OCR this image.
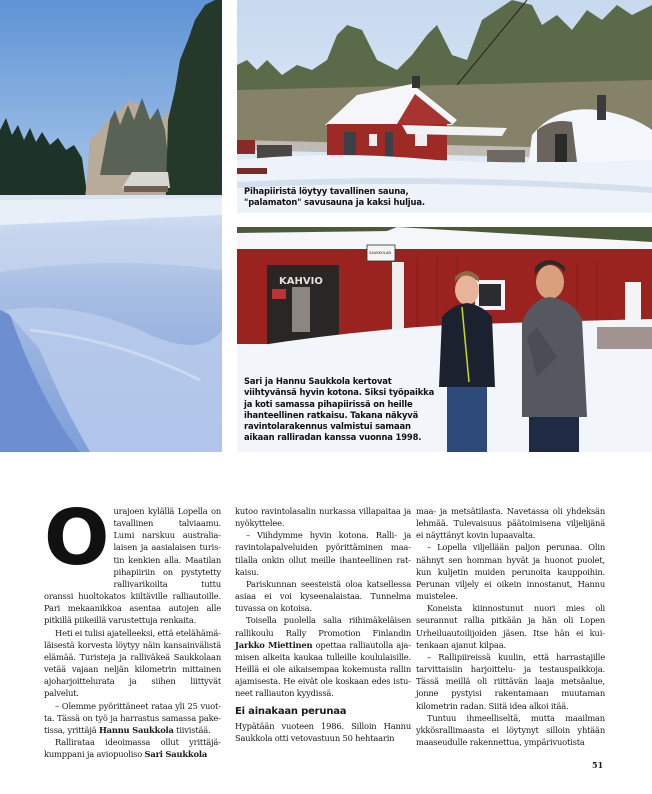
Pihapiiristä löytyy tavallinen sauna,

"palamaton" savusauna ja kaksi huljua.

KAHVIO
SAUKKOLAN

Sari ja Hannu Saukkola kertovat

viihtyvänsä hyvin kotona. Siksi työpaikka

ja koti samassa pihapiirissä on heille

ihanteellinen ratkaisu. Takana näkyvä

ravintolarakennus valmistui samaan

aikaan ralliradan kanssa vuonna 1998.

O urajoen kylällä Lopella on tavallinen talviaamu. Lumi narskuu australialaisen ja aasialaisen turistin kenkien alla. Maatilan pihapiiriin on pystytetty rallivarikoilta tuttu oranssi huoltokatos kiiltäville ralliautoille. Pari mekaanikkoa asentaa autojen alle pitkillä piikeillä varustettuja renkaita.

Heti ei tulisi ajatelleeksi, että etelähämäläisestä korvesta löytyy näin kansainvälistä elämää. Turisteja ja ralliväkeä Saukkolaan vetää vajaan neljän kilometrin mittainen ajoharjoittelurata ja siihen liittyvät palvelut.

– Olemme pyörittäneet rataa yli 25 vuotta. Tässä on työ ja harrastus samassa paketissa, yrittäjä Hannu Saukkola tiivistää.

Rallirataa ideoimassa ollut yrittäjäkumppani ja aviopuoliso Sari Saukkola

kutoo ravintolasalin nurkassa villapaitaa ja nyökyttelee.

– Viihdymme hyvin kotona. Ralli- ja ravintolapalveluiden pyörittäminen maatilalla onkin ollut meille ihanteellinen ratkaisu.

Pariskunnan seesteistä oloa katsellessa asiaa ei voi kyseenalaistaa. Tunnelma tuvassa on kotoisa.

Toisella puolella salia riihimäkeläisen rallikoulu Rally Promotion Finlandin Jarkko Miettinen opettaa ralliautolla ajamisen alkeita kaukaa tulleille koululaisille. Heillä ei ole aikaisempaa kokemusta rallin ajamisesta. He eivät ole koskaan edes istuneet ralliauton kyydissä.

Ei ainakaan perunaa

Hypätään vuoteen 1986. Silloin Hannu Saukkola otti vetovastuun 50 hehtaarin

maa- ja metsätilasta. Navetassa oli yhdeksän lehmää. Tulevaisuus päätoimisena viljelijänä ei näyttänyt kovin lupaavalta.

– Lopella viljellään paljon perunaa. Olin nähnyt sen homman hyvät ja huonot puolet, kun kuljetin muiden perunoita kauppoihin. Perunan viljely ei oikein innostanut, Hannu muistelee.

Koneista kiinnostunut nuori mies oli seurannut rallia pitkään ja hän oli Lopen Urheiluautoilijoiden jäsen. Itse hän ei kuitenkaan ajanut kilpaa.

– Rallipiireissä kuulin, että harrastajille tarvittaisiin harjoittelu- ja testauspaikkoja. Tässä meillä oli riittävän laaja metsäalue, jonne pystyisi rakentamaan muutaman kilometrin radan. Siitä idea alkoi itää.

Tuntuu ihmeelliseltä, mutta maailman ykkösrallimaasta ei löytynyt silloin yhtään maaseudulle rakennettua, ympärivuotista

51
